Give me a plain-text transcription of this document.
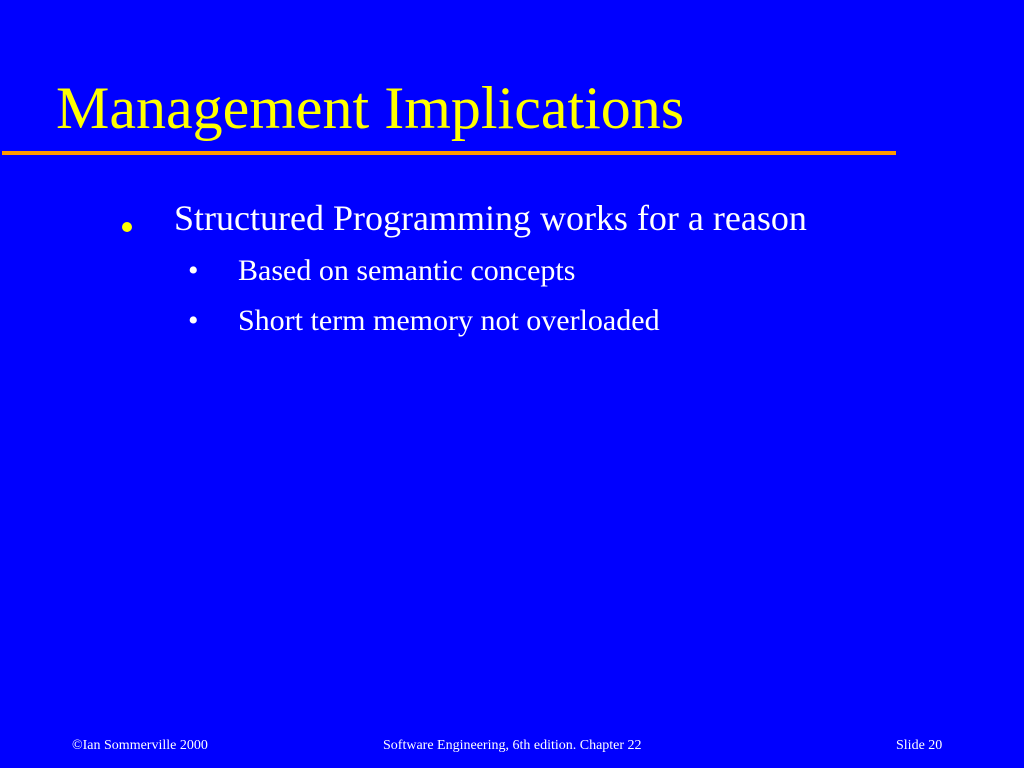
Management Implications
Structured Programming works for a reason
• Based on semantic concepts
• Short term memory not overloaded
©Ian Sommerville 2000	Software Engineering, 6th edition. Chapter 22	Slide 20
